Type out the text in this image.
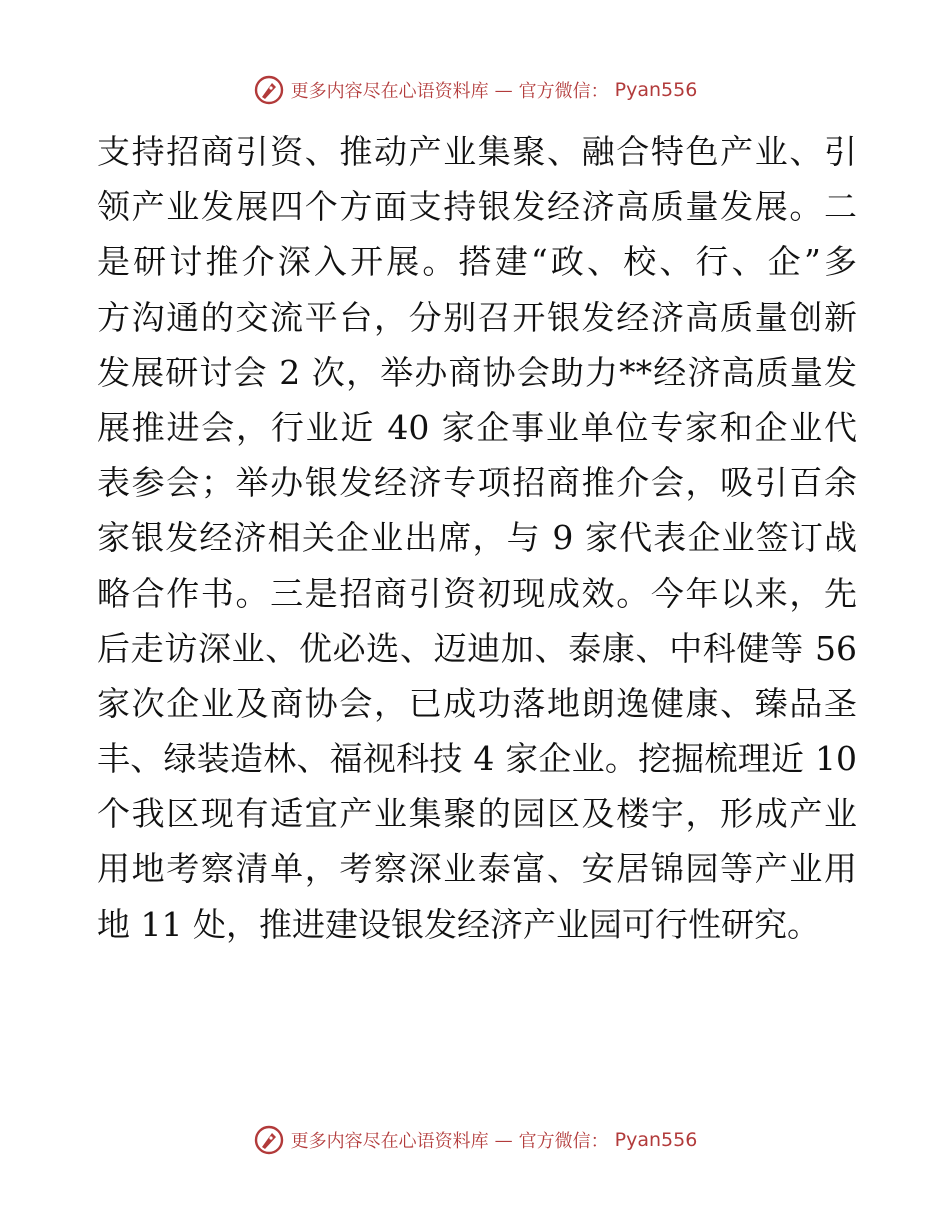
更多内容尽在心语资料库 — 官方微信： Pyan556
支持招商引资、推动产业集聚、融合特色产业、引
领产业发展四个方面支持银发经济高质量发展。二
是研讨推介深入开展。搭建“政、校、行、企”多
方沟通的交流平台，分别召开银发经济高质量创新
发展研讨会 2 次，举办商协会助力**经济高质量发
展推进会，行业近 40 家企事业单位专家和企业代
表参会；举办银发经济专项招商推介会，吸引百余
家银发经济相关企业出席，与 9 家代表企业签订战
略合作书。三是招商引资初现成效。今年以来，先
后走访深业、优必选、迈迪加、泰康、中科健等 56
家次企业及商协会，已成功落地朗逸健康、臻品圣
丰、绿装造林、福视科技 4 家企业。挖掘梳理近 10
个我区现有适宜产业集聚的园区及楼宇，形成产业
用地考察清单，考察深业泰富、安居锦园等产业用
地 11 处，推进建设银发经济产业园可行性研究。
更多内容尽在心语资料库 — 官方微信： Pyan556
